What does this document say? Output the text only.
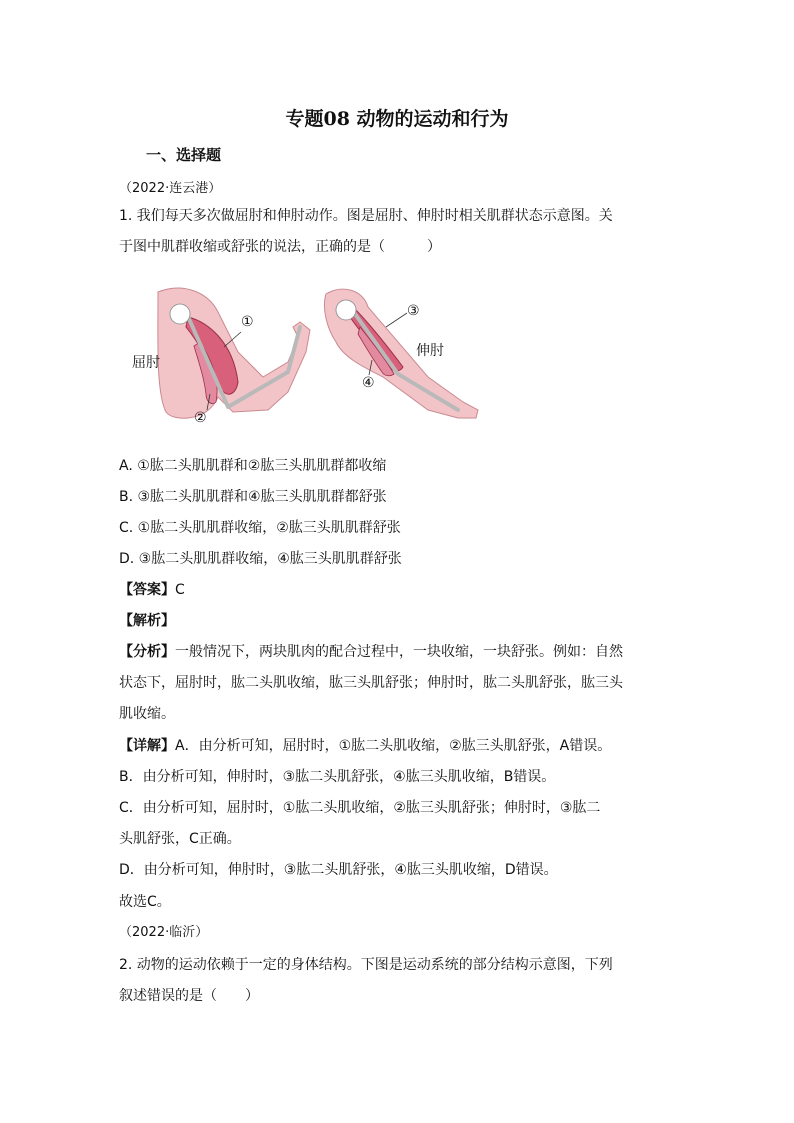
专题08 动物的运动和行为
一、选择题
（2022·连云港）
1. 我们每天多次做屈肘和伸肘动作。图是屈肘、伸肘时相关肌群状态示意图。关
于图中肌群收缩或舒张的说法，正确的是（　　　）
屈肘
伸肘
①
②
③
④
A. ①肱二头肌肌群和②肱三头肌肌群都收缩
B. ③肱二头肌肌群和④肱三头肌肌群都舒张
C. ①肱二头肌肌群收缩，②肱三头肌肌群舒张
D. ③肱二头肌肌群收缩，④肱三头肌肌群舒张
【答案】C
【解析】
【分析】一般情况下，两块肌肉的配合过程中，一块收缩，一块舒张。例如：自然
状态下，屈肘时，肱二头肌收缩，肱三头肌舒张；伸肘时，肱二头肌舒张，肱三头
肌收缩。
【详解】A．由分析可知，屈肘时，①肱二头肌收缩，②肱三头肌舒张，A错误。
B．由分析可知，伸肘时，③肱二头肌舒张，④肱三头肌收缩，B错误。
C．由分析可知，屈肘时，①肱二头肌收缩，②肱三头肌舒张；伸肘时，③肱二
头肌舒张，C正确。
D．由分析可知，伸肘时，③肱二头肌舒张，④肱三头肌收缩，D错误。
故选C。
（2022·临沂）
2. 动物的运动依赖于一定的身体结构。下图是运动系统的部分结构示意图，下列
叙述错误的是（　　）
